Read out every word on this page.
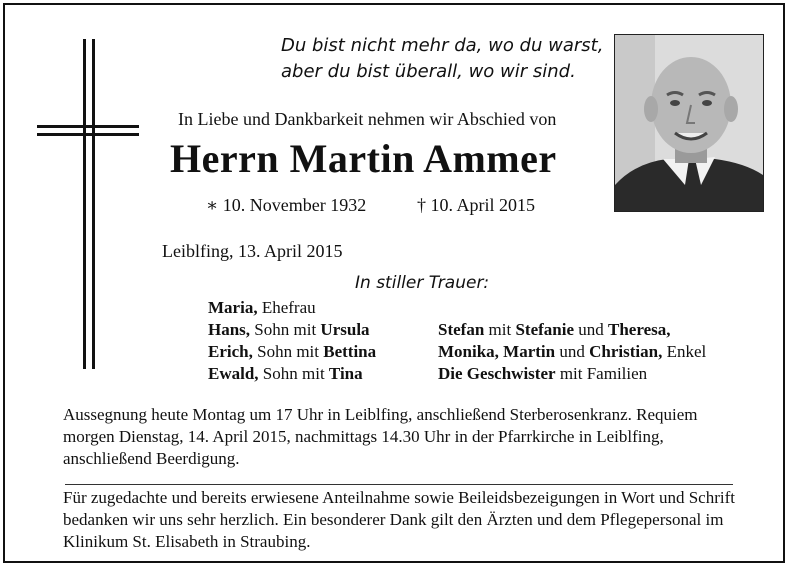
Du bist nicht mehr da, wo du warst,
aber du bist überall, wo wir sind.
In Liebe und Dankbarkeit nehmen wir Abschied von
Herrn Martin Ammer
∗ 10. November 1932	† 10. April 2015
Leiblfing, 13. April 2015
In stiller Trauer:
Maria, Ehefrau
Hans, Sohn mit Ursula
Erich, Sohn mit Bettina
Ewald, Sohn mit Tina
Stefan mit Stefanie und Theresa,
Monika, Martin und Christian, Enkel
Die Geschwister mit Familien
Aussegnung heute Montag um 17 Uhr in Leiblfing, anschließend Sterberosenkranz. Requiem morgen Dienstag, 14. April 2015, nachmittags 14.30 Uhr in der Pfarrkirche in Leiblfing, anschließend Beerdigung.
Für zugedachte und bereits erwiesene Anteilnahme sowie Beileidsbezeigungen in Wort und Schrift bedanken wir uns sehr herzlich. Ein besonderer Dank gilt den Ärzten und dem Pflegepersonal im Klinikum St. Elisabeth in Straubing.
